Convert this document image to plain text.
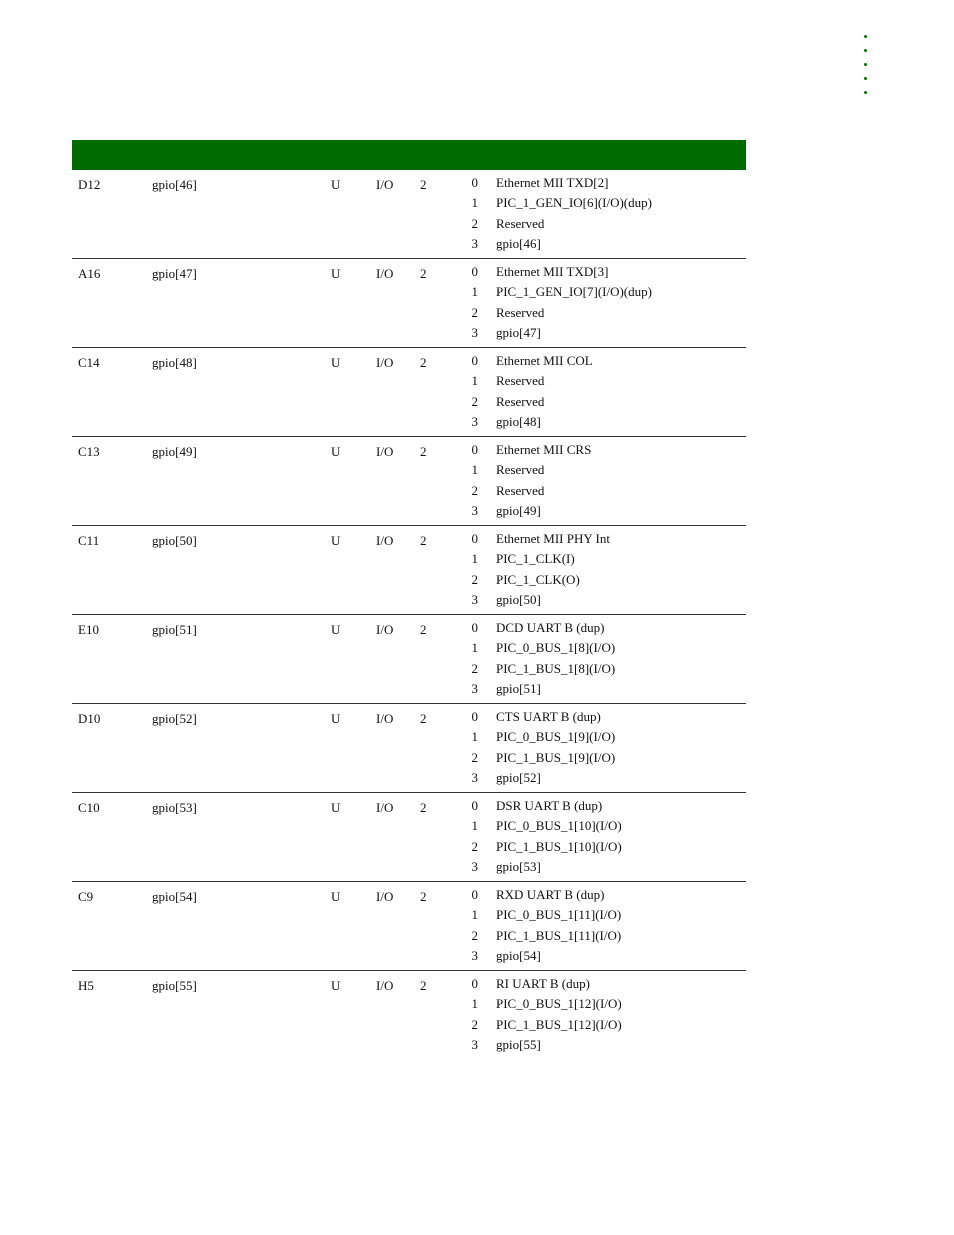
D12	gpio[46]	U	I/O 2	0 Ethernet MII TXD[2]
1 PIC_1_GEN_IO[6](I/O)(dup)
2 Reserved
3 gpio[46]
A16	gpio[47]	U	I/O 2	0 Ethernet MII TXD[3]
1 PIC_1_GEN_IO[7](I/O)(dup)
2 Reserved
3 gpio[47]
C14	gpio[48]	U	I/O 2	0 Ethernet MII COL
1 Reserved
2 Reserved
3 gpio[48]
C13	gpio[49]	U	I/O 2	0 Ethernet MII CRS
1 Reserved
2 Reserved
3 gpio[49]
C11	gpio[50]	U	I/O 2	0 Ethernet MII PHY Int
1 PIC_1_CLK(I)
2 PIC_1_CLK(O)
3 gpio[50]
E10	gpio[51]	U	I/O 2	0 DCD UART B (dup)
1 PIC_0_BUS_1[8](I/O)
2 PIC_1_BUS_1[8](I/O)
3 gpio[51]
D10	gpio[52]	U	I/O 2	0 CTS UART B (dup)
1 PIC_0_BUS_1[9](I/O)
2 PIC_1_BUS_1[9](I/O)
3 gpio[52]
C10	gpio[53]	U	I/O 2	0 DSR UART B (dup)
1 PIC_0_BUS_1[10](I/O)
2 PIC_1_BUS_1[10](I/O)
3 gpio[53]
C9	gpio[54]	U	I/O 2	0 RXD UART B (dup)
1 PIC_0_BUS_1[11](I/O)
2 PIC_1_BUS_1[11](I/O)
3 gpio[54]
H5	gpio[55]	U	I/O 2	0 RI UART B (dup)
1 PIC_0_BUS_1[12](I/O)
2 PIC_1_BUS_1[12](I/O)
3 gpio[55]
